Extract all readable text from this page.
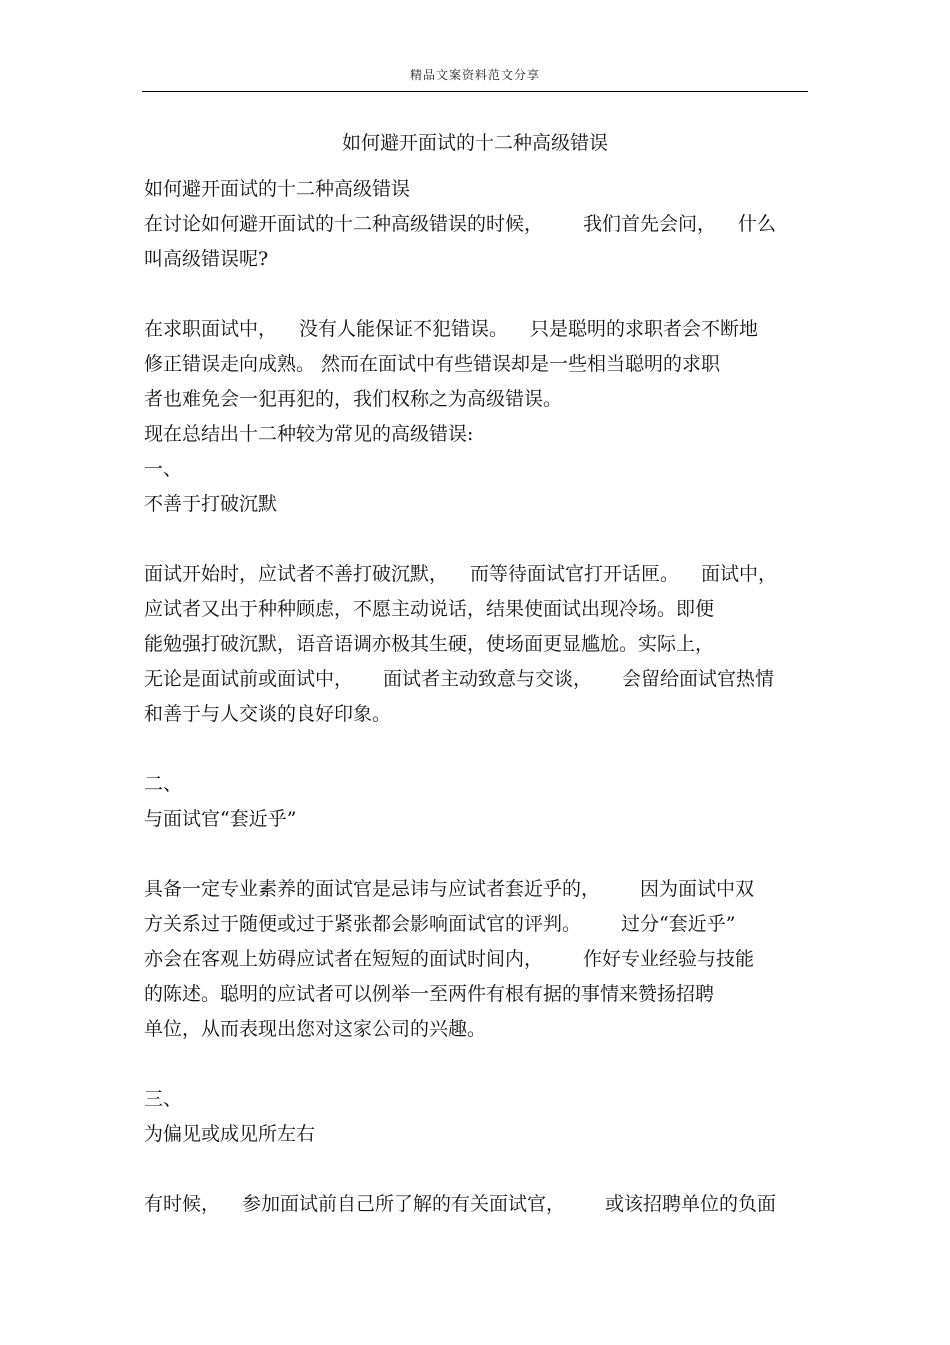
精品文案资料范文分享
如何避开面试的十二种高级错误
如何避开面试的十二种高级错误
在讨论如何避开面试的十二种高级错误的时候， 我们首先会问， 什么
叫高级错误呢?
在求职面试中， 没有人能保证不犯错误。 只是聪明的求职者会不断地
修正错误走向成熟。 然而在面试中有些错误却是一些相当聪明的求职
者也难免会一犯再犯的，我们权称之为高级错误。
现在总结出十二种较为常见的高级错误:
一、
不善于打破沉默
面试开始时，应试者不善打破沉默， 而等待面试官打开话匣。 面试中，
应试者又出于种种顾虑，不愿主动说话，结果使面试出现冷场。即便
能勉强打破沉默，语音语调亦极其生硬，使场面更显尴尬。实际上，
无论是面试前或面试中， 面试者主动致意与交谈， 会留给面试官热情
和善于与人交谈的良好印象。
二、
与面试官“套近乎”
具备一定专业素养的面试官是忌讳与应试者套近乎的， 因为面试中双
方关系过于随便或过于紧张都会影响面试官的评判。 过分“套近乎”
亦会在客观上妨碍应试者在短短的面试时间内， 作好专业经验与技能
的陈述。聪明的应试者可以例举一至两件有根有据的事情来赞扬招聘
单位，从而表现出您对这家公司的兴趣。
三、
为偏见或成见所左右
有时候， 参加面试前自己所了解的有关面试官， 或该招聘单位的负面
